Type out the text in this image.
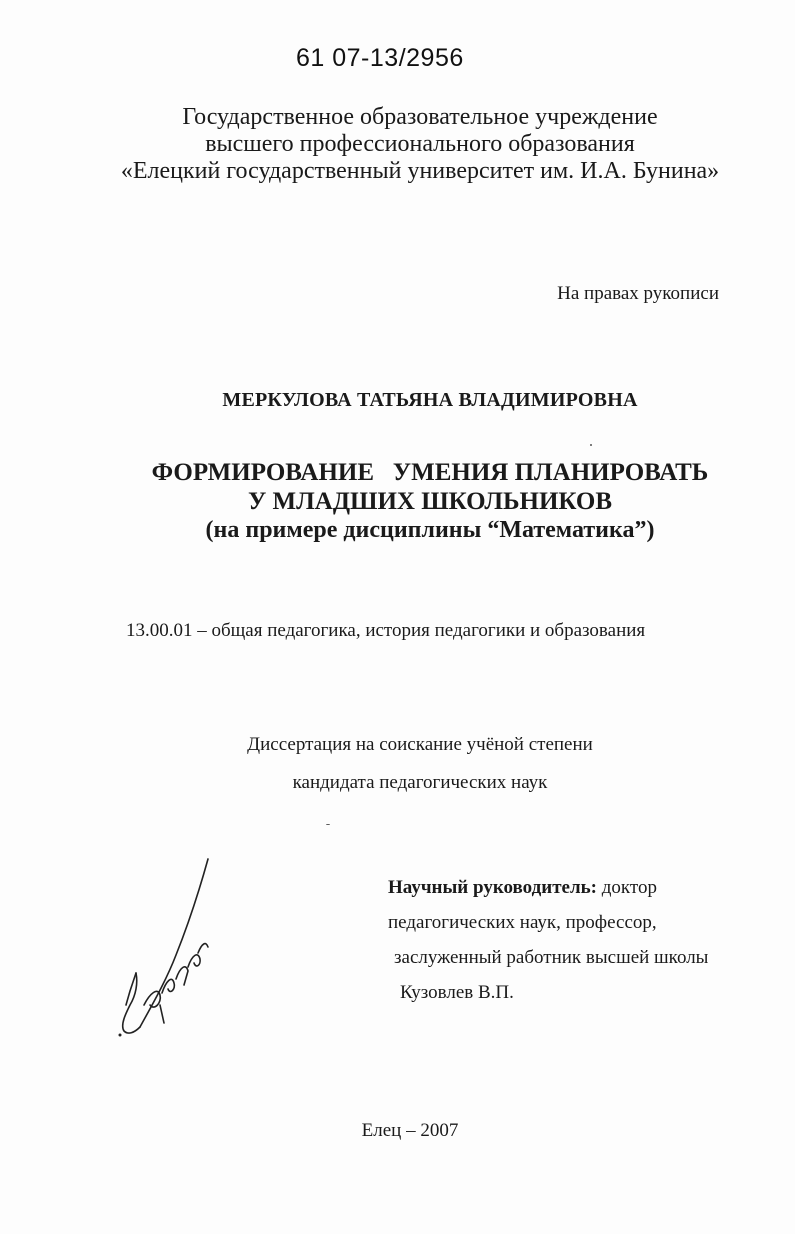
61 07-13/2956
Государственное образовательное учреждение
высшего профессионального образования
«Елецкий государственный университет им. И.А. Бунина»
На правах рукописи
МЕРКУЛОВА ТАТЬЯНА ВЛАДИМИРОВНА
ФОРМИРОВАНИЕ   УМЕНИЯ ПЛАНИРОВАТЬ
У МЛАДШИХ ШКОЛЬНИКОВ
(на примере дисциплины “Математика”)
13.00.01 – общая педагогика, история педагогики и образования
Диссертация на соискание учёной степени
кандидата педагогических наук
Научный руководитель: доктор
педагогических наук, профессор,
заслуженный работник высшей школы
Кузовлев В.П.
Елец – 2007
